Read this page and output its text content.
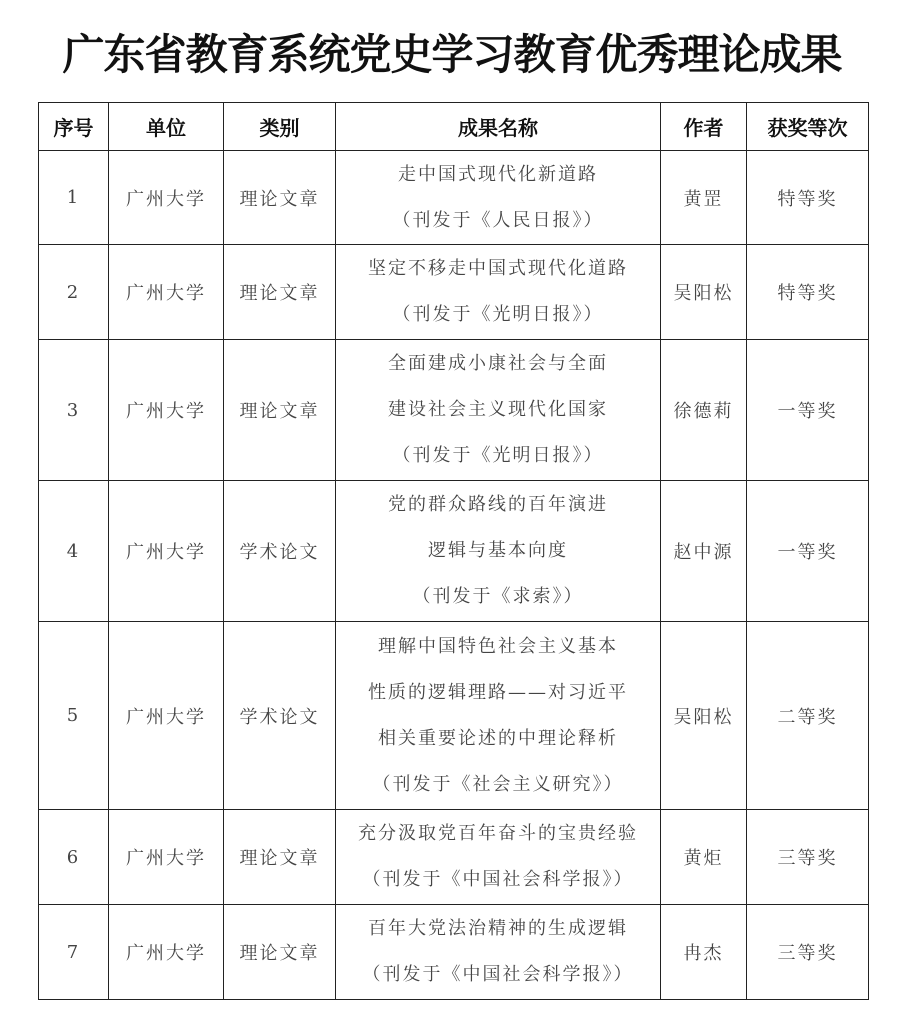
广东省教育系统党史学习教育优秀理论成果
序号	单位	类别	成果名称	作者	获奖等次
1	广州大学	理论文章	走中国式现代化新道路
（刊发于《人民日报》）	黄罡	特等奖
2	广州大学	理论文章	坚定不移走中国式现代化道路
（刊发于《光明日报》）	吴阳松	特等奖
3	广州大学	理论文章	全面建成小康社会与全面
建设社会主义现代化国家
（刊发于《光明日报》）	徐德莉	一等奖
4	广州大学	学术论文	党的群众路线的百年演进
逻辑与基本向度
（刊发于《求索》）	赵中源	一等奖
5	广州大学	学术论文	理解中国特色社会主义基本
性质的逻辑理路——对习近平
相关重要论述的中理论释析
（刊发于《社会主义研究》）	吴阳松	二等奖
6	广州大学	理论文章	充分汲取党百年奋斗的宝贵经验
（刊发于《中国社会科学报》）	黄炬	三等奖
7	广州大学	理论文章	百年大党法治精神的生成逻辑
（刊发于《中国社会科学报》）	冉杰	三等奖
